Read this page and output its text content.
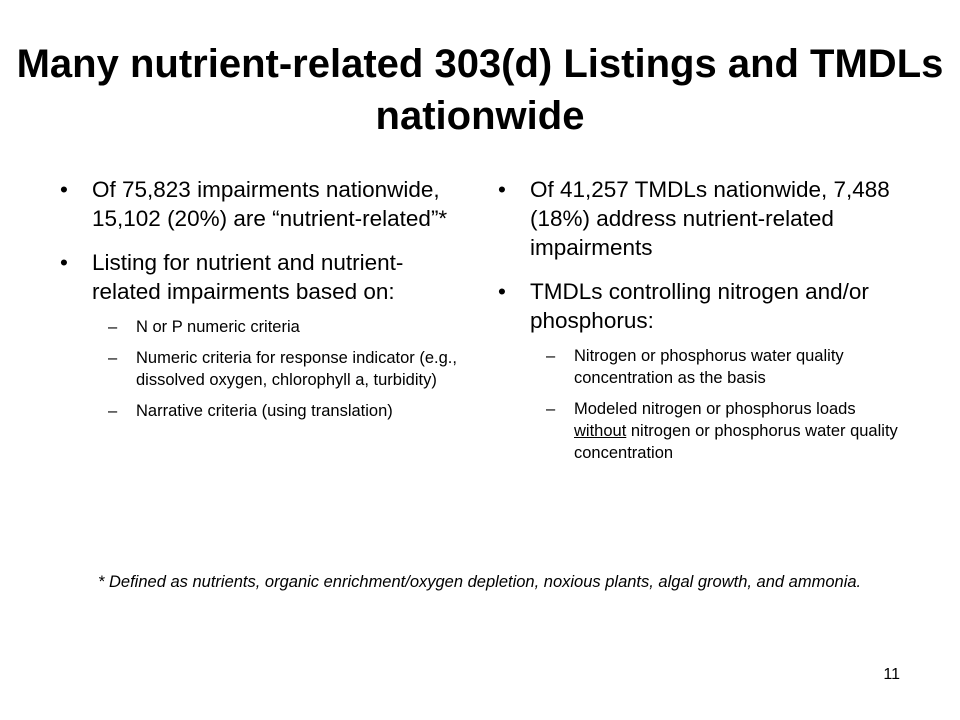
Many nutrient-related 303(d) Listings and TMDLs nationwide
• Of 75,823 impairments nationwide, 15,102 (20%) are “nutrient-related”*
• Listing for nutrient and nutrient-related impairments based on:
– N or P numeric criteria
– Numeric criteria for response indicator (e.g., dissolved oxygen, chlorophyll a, turbidity)
– Narrative criteria (using translation)
• Of 41,257 TMDLs nationwide, 7,488 (18%) address nutrient-related impairments
• TMDLs controlling nitrogen and/or phosphorus:
– Nitrogen or phosphorus water quality concentration as the basis
– Modeled nitrogen or phosphorus loads without nitrogen or phosphorus water quality concentration
* Defined as nutrients, organic enrichment/oxygen depletion, noxious plants, algal growth, and ammonia.
11
